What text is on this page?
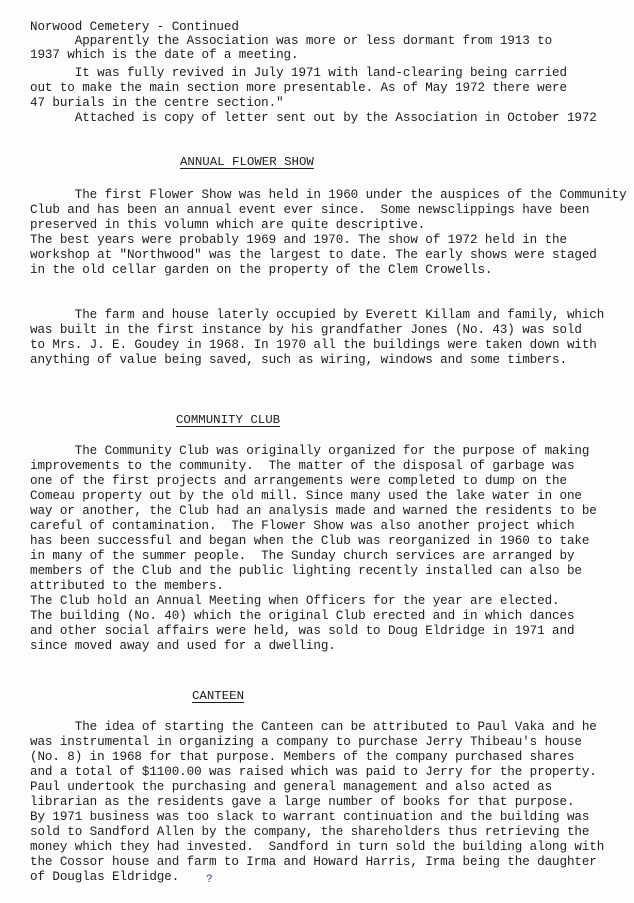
Norwood Cemetery - Continued
Apparently the Association was more or less dormant from 1913 to
1937 which is the date of a meeting.
It was fully revived in July 1971 with land-clearing being carried
out to make the main section more presentable. As of May 1972 there were
47 burials in the centre section."
Attached is copy of letter sent out by the Association in October 1972
ANNUAL FLOWER SHOW
The first Flower Show was held in 1960 under the auspices of the Community
Club and has been an annual event ever since.  Some newsclippings have been
preserved in this volumn which are quite descriptive.
The best years were probably 1969 and 1970. The show of 1972 held in the
workshop at "Northwood" was the largest to date. The early shows were staged
in the old cellar garden on the property of the Clem Crowells.
The farm and house laterly occupied by Everett Killam and family, which
was built in the first instance by his grandfather Jones (No. 43) was sold
to Mrs. J. E. Goudey in 1968. In 1970 all the buildings were taken down with
anything of value being saved, such as wiring, windows and some timbers.
COMMUNITY CLUB
The Community Club was originally organized for the purpose of making
improvements to the community.  The matter of the disposal of garbage was
one of the first projects and arrangements were completed to dump on the
Comeau property out by the old mill. Since many used the lake water in one
way or another, the Club had an analysis made and warned the residents to be
careful of contamination.  The Flower Show was also another project which
has been successful and began when the Club was reorganized in 1960 to take
in many of the summer people.  The Sunday church services are arranged by
members of the Club and the public lighting recently installed can also be
attributed to the members.
The Club hold an Annual Meeting when Officers for the year are elected.
The building (No. 40) which the original Club erected and in which dances
and other social affairs were held, was sold to Doug Eldridge in 1971 and
since moved away and used for a dwelling.
CANTEEN
The idea of starting the Canteen can be attributed to Paul Vaka and he
was instrumental in organizing a company to purchase Jerry Thibeau's house
(No. 8) in 1968 for that purpose. Members of the company purchased shares
and a total of $1100.00 was raised which was paid to Jerry for the property.
Paul undertook the purchasing and general management and also acted as
librarian as the residents gave a large number of books for that purpose.
By 1971 business was too slack to warrant continuation and the building was
sold to Sandford Allen by the company, the shareholders thus retrieving the
money which they had invested.  Sandford in turn sold the building along with
the Cossor house and farm to Irma and Howard Harris, Irma being the daughter
of Douglas Eldridge. ?
